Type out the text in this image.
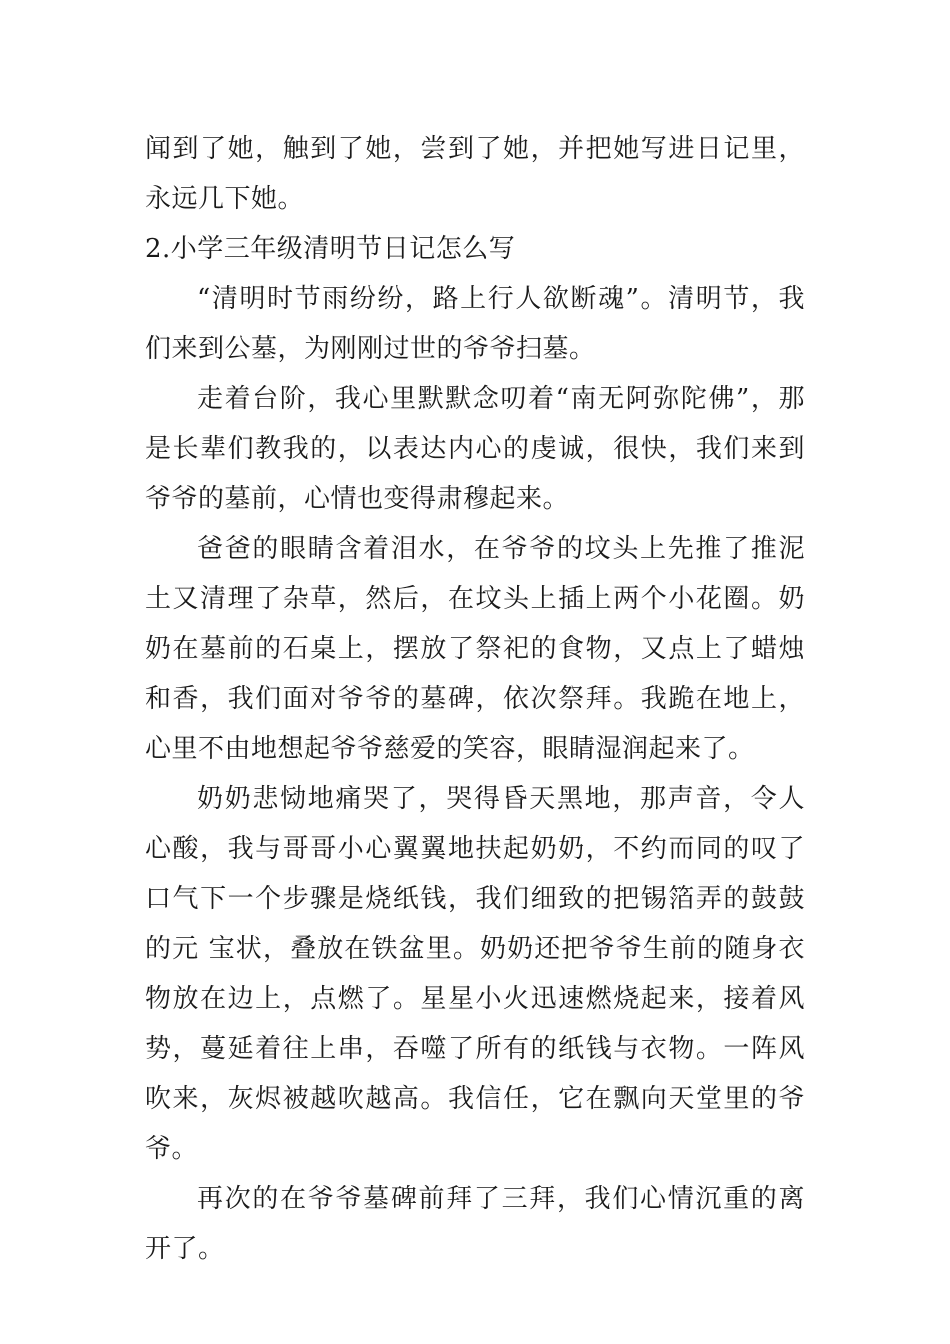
闻到了她，触到了她，尝到了她，并把她写进日记里，永远几下她。

2.小学三年级清明节日记怎么写

“清明时节雨纷纷，路上行人欲断魂”。清明节，我们来到公墓，为刚刚过世的爷爷扫墓。

走着台阶，我心里默默念叨着“南无阿弥陀佛”，那是长辈们教我的，以表达内心的虔诚，很快，我们来到爷爷的墓前，心情也变得肃穆起来。

爸爸的眼睛含着泪水，在爷爷的坟头上先推了推泥土又清理了杂草，然后，在坟头上插上两个小花圈。奶奶在墓前的石桌上，摆放了祭祀的食物，又点上了蜡烛和香，我们面对爷爷的墓碑，依次祭拜。我跪在地上，心里不由地想起爷爷慈爱的笑容，眼睛湿润起来了。

奶奶悲恸地痛哭了，哭得昏天黑地，那声音，令人心酸，我与哥哥小心翼翼地扶起奶奶，不约而同的叹了口气下一个步骤是烧纸钱，我们细致的把锡箔弄的鼓鼓的元 宝状，叠放在铁盆里。奶奶还把爷爷生前的随身衣物放在边上，点燃了。星星小火迅速燃烧起来，接着风势，蔓延着往上串，吞噬了所有的纸钱与衣物。一阵风吹来，灰烬被越吹越高。我信任，它在飘向天堂里的爷爷。

再次的在爷爷墓碑前拜了三拜，我们心情沉重的离开了。
